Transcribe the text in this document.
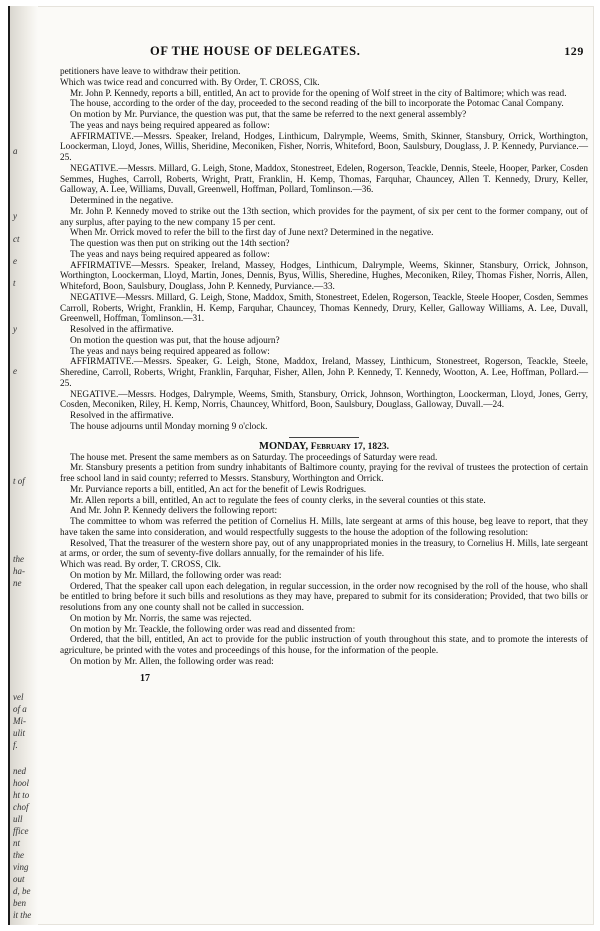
a
y
ct
e
t
y
e
t of
the
ha-
ne
vel
of a
Mi-
ulit
f.
ned
hool
ht to
chof
ull
ffice
nt
the
ving
out
d, be
ben
it the
OF THE HOUSE OF DELEGATES.	129

petitioners have leave to withdraw their petition.

Which was twice read and concurred with. By Order, T. CROSS, Clk.

Mr. John P. Kennedy, reports a bill, entitled, An act to provide for the opening of Wolf street in the city of Baltimore; which was read.

The house, according to the order of the day, proceeded to the second reading of the bill to incorporate the Potomac Canal Company.

On motion by Mr. Purviance, the question was put, that the same be referred to the next general assembly?

The yeas and nays being required appeared as follow:

AFFIRMATIVE.—Messrs. Speaker, Ireland, Hodges, Linthicum, Dalrymple, Weems, Smith, Skinner, Stansbury, Orrick, Worthington, Loockerman, Lloyd, Jones, Willis, Sheridine, Meconiken, Fisher, Norris, Whiteford, Boon, Saulsbury, Douglass, J. P. Kennedy, Purviance.—25.

NEGATIVE.—Messrs. Millard, G. Leigh, Stone, Maddox, Stonestreet, Edelen, Rogerson, Teackle, Dennis, Steele, Hooper, Parker, Cosden Semmes, Hughes, Carroll, Roberts, Wright, Pratt, Franklin, H. Kemp, Thomas, Farquhar, Chauncey, Allen T. Kennedy, Drury, Keller, Galloway, A. Lee, Williams, Duvall, Greenwell, Hoffman, Pollard, Tomlinson.—36.

Determined in the negative.

Mr. John P. Kennedy moved to strike out the 13th section, which provides for the payment, of six per cent to the former company, out of any surplus, after paying to the new company 15 per cent.

When Mr. Orrick moved to refer the bill to the first day of June next? Determined in the negative.

The question was then put on striking out the 14th section?

The yeas and nays being required appeared as follow:

AFFIRMATIVE—Messrs. Speaker, Ireland, Massey, Hodges, Linthicum, Dalrymple, Weems, Skinner, Stansbury, Orrick, Johnson, Worthington, Loockerman, Lloyd, Martin, Jones, Dennis, Byus, Willis, Sheredine, Hughes, Meconiken, Riley, Thomas Fisher, Norris, Allen, Whiteford, Boon, Saulsbury, Douglass, John P. Kennedy, Purviance.—33.

NEGATIVE—Messrs. Millard, G. Leigh, Stone, Maddox, Smith, Stonestreet, Edelen, Rogerson, Teackle, Steele Hooper, Cosden, Semmes Carroll, Roberts, Wright, Franklin, H. Kemp, Farquhar, Chauncey, Thomas Kennedy, Drury, Keller, Galloway Williams, A. Lee, Duvall, Greenwell, Hoffman, Tomlinson.—31.

Resolved in the affirmative.

On motion the question was put, that the house adjourn?

The yeas and nays being required appeared as follow:

AFFIRMATIVE.—Messrs. Speaker, G. Leigh, Stone, Maddox, Ireland, Massey, Linthicum, Stonestreet, Rogerson, Teackle, Steele, Sheredine, Carroll, Roberts, Wright, Franklin, Farquhar, Fisher, Allen, John P. Kennedy, T. Kennedy, Wootton, A. Lee, Hoffman, Pollard.—25.

NEGATIVE.—Messrs. Hodges, Dalrymple, Weems, Smith, Stansbury, Orrick, Johnson, Worthington, Loockerman, Lloyd, Jones, Gerry, Cosden, Meconiken, Riley, H. Kemp, Norris, Chauncey, Whitford, Boon, Saulsbury, Douglass, Galloway, Duvall.—24.

Resolved in the affirmative.

The house adjourns until Monday morning 9 o'clock.

MONDAY, February 17, 1823.

The house met. Present the same members as on Saturday. The proceedings of Saturday were read.

Mr. Stansbury presents a petition from sundry inhabitants of Baltimore county, praying for the revival of trustees the protection of certain free school land in said county; referred to Messrs. Stansbury, Worthington and Orrick.

Mr. Purviance reports a bill, entitled, An act for the benefit of Lewis Rodrigues.

Mr. Allen reports a bill, entitled, An act to regulate the fees of county clerks, in the several counties ot this state.

And Mr. John P. Kennedy delivers the following report:

The committee to whom was referred the petition of Cornelius H. Mills, late sergeant at arms of this house, beg leave to report, that they have taken the same into consideration, and would respectfully suggests to the house the adoption of the following resolution:

Resolved, That the treasurer of the western shore pay, out of any unappropriated monies in the treasury, to Cornelius H. Mills, late sergeant at arms, or order, the sum of seventy-five dollars annually, for the remainder of his life.

Which was read. By order, T. CROSS, Clk.

On motion by Mr. Millard, the following order was read:

Ordered, That the speaker call upon each delegation, in regular succession, in the order now recognised by the roll of the house, who shall be entitled to bring before it such bills and resolutions as they may have, prepared to submit for its consideration; Provided, that two bills or resolutions from any one county shall not be called in succession.

On motion by Mr. Norris, the same was rejected.

On motion by Mr. Teackle, the following order was read and dissented from:

Ordered, that the bill, entitled, An act to provide for the public instruction of youth throughout this state, and to promote the interests of agriculture, be printed with the votes and proceedings of this house, for the information of the people.

On motion by Mr. Allen, the following order was read:

17
